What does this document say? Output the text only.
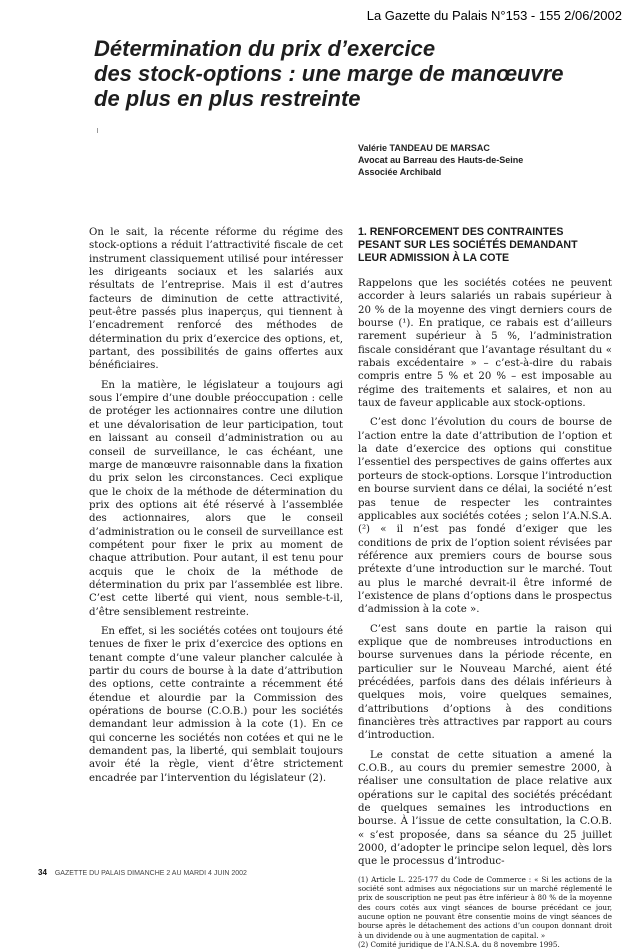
La Gazette du Palais N°153 - 155 2/06/2002
Détermination du prix d’exercice
des stock-options : une marge de manœuvre
de plus en plus restreinte
Valérie TANDEAU DE MARSAC
Avocat au Barreau des Hauts-de-Seine
Associée Archibald

On le sait, la récente réforme du régime des stock-options a réduit l’attractivité fiscale de cet instrument classiquement utilisé pour intéresser les dirigeants sociaux et les salariés aux résultats de l’entreprise. Mais il est d’autres facteurs de diminution de cette attractivité, peut-être passés plus inaperçus, qui tiennent à l’encadrement renforcé des méthodes de détermination du prix d’exercice des options, et, partant, des possibilités de gains offertes aux bénéficiaires.

En la matière, le législateur a toujours agi sous l’empire d’une double préoccupation : celle de protéger les actionnaires contre une dilution et une dévalorisation de leur participation, tout en laissant au conseil d’administration ou au conseil de surveillance, le cas échéant, une marge de manœuvre raisonnable dans la fixation du prix selon les circonstances. Ceci explique que le choix de la méthode de détermination du prix des options ait été réservé à l’assemblée des actionnaires, alors que le conseil d’administration ou le conseil de surveillance est compétent pour fixer le prix au moment de chaque attribution. Pour autant, il est tenu pour acquis que le choix de la méthode de détermination du prix par l’assemblée est libre. C’est cette liberté qui vient, nous semble-t-il, d’être sensiblement restreinte.

En effet, si les sociétés cotées ont toujours été tenues de fixer le prix d’exercice des options en tenant compte d’une valeur plancher calculée à partir du cours de bourse à la date d’attribution des options, cette contrainte a récemment été étendue et alourdie par la Commission des opérations de bourse (C.O.B.) pour les sociétés demandant leur admission à la cote (1). En ce qui concerne les sociétés non cotées et qui ne le demandent pas, la liberté, qui semblait toujours avoir été la règle, vient d’être strictement encadrée par l’intervention du législateur (2).

1. RENFORCEMENT DES CONTRAINTES
PESANT SUR LES SOCIÉTÉS DEMANDANT
LEUR ADMISSION À LA COTE

Rappelons que les sociétés cotées ne peuvent accorder à leurs salariés un rabais supérieur à 20 % de la moyenne des vingt derniers cours de bourse (¹). En pratique, ce rabais est d’ailleurs rarement supérieur à 5 %, l’administration fiscale considérant que l’avantage résultant du « rabais excédentaire » – c’est-à-dire du rabais compris entre 5 % et 20 % – est imposable au régime des traitements et salaires, et non au taux de faveur applicable aux stock-options.

C’est donc l’évolution du cours de bourse de l’action entre la date d’attribution de l’option et la date d’exercice des options qui constitue l’essentiel des perspectives de gains offertes aux porteurs de stock-options. Lorsque l’introduction en bourse survient dans ce délai, la société n’est pas tenue de respecter les contraintes applicables aux sociétés cotées ; selon l’A.N.S.A. (²) « il n’est pas fondé d’exiger que les conditions de prix de l’option soient révisées par référence aux premiers cours de bourse sous prétexte d’une introduction sur le marché. Tout au plus le marché devrait-il être informé de l’existence de plans d’options dans le prospectus d’admission à la cote ».

C’est sans doute en partie la raison qui explique que de nombreuses introductions en bourse survenues dans la période récente, en particulier sur le Nouveau Marché, aient été précédées, parfois dans des délais inférieurs à quelques mois, voire quelques semaines, d’attributions d’options à des conditions financières très attractives par rapport au cours d’introduction.

Le constat de cette situation a amené la C.O.B., au cours du premier semestre 2000, à réaliser une consultation de place relative aux opérations sur le capital des sociétés précédant de quelques semaines les introductions en bourse. À l’issue de cette consultation, la C.O.B. « s’est proposée, dans sa séance du 25 juillet 2000, d’adopter le principe selon lequel, dès lors que le processus d’introduc-

(1) Article L. 225-177 du Code de Commerce : « Si les actions de la société sont admises aux négociations sur un marché réglementé le prix de souscription ne peut pas être inférieur à 80 % de la moyenne des cours cotés aux vingt séances de bourse précédant ce jour, aucune option ne pouvant être consentie moins de vingt séances de bourse après le détachement des actions d’un coupon donnant droit à un dividende ou à une augmentation de capital. »

(2) Comité juridique de l’A.N.S.A. du 8 novembre 1995.

34 GAZETTE DU PALAIS DIMANCHE 2 AU MARDI 4 JUIN 2002
